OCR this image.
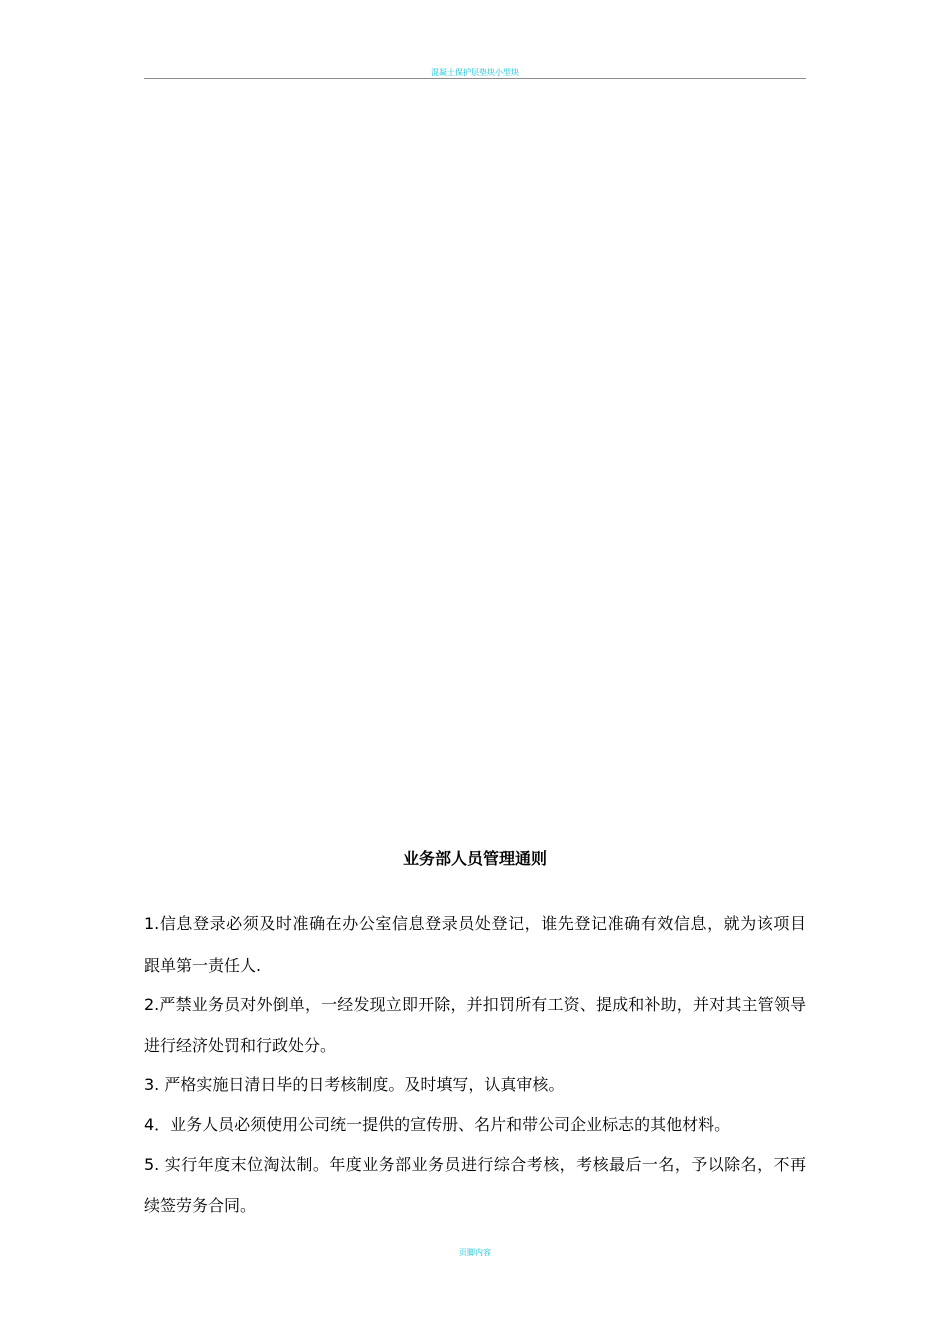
混凝土保护层垫块小型块
业务部人员管理通则
1.信息登录必须及时准确在办公室信息登录员处登记，谁先登记准确有效信息，就为该项目
跟单第一责任人.
2.严禁业务员对外倒单，一经发现立即开除，并扣罚所有工资、提成和补助，并对其主管领导
进行经济处罚和行政处分。
3. 严格实施日清日毕的日考核制度。及时填写，认真审核。
4．业务人员必须使用公司统一提供的宣传册、名片和带公司企业标志的其他材料。
5. 实行年度末位淘汰制。年度业务部业务员进行综合考核，考核最后一名，予以除名，不再
续签劳务合同。
页脚内容
